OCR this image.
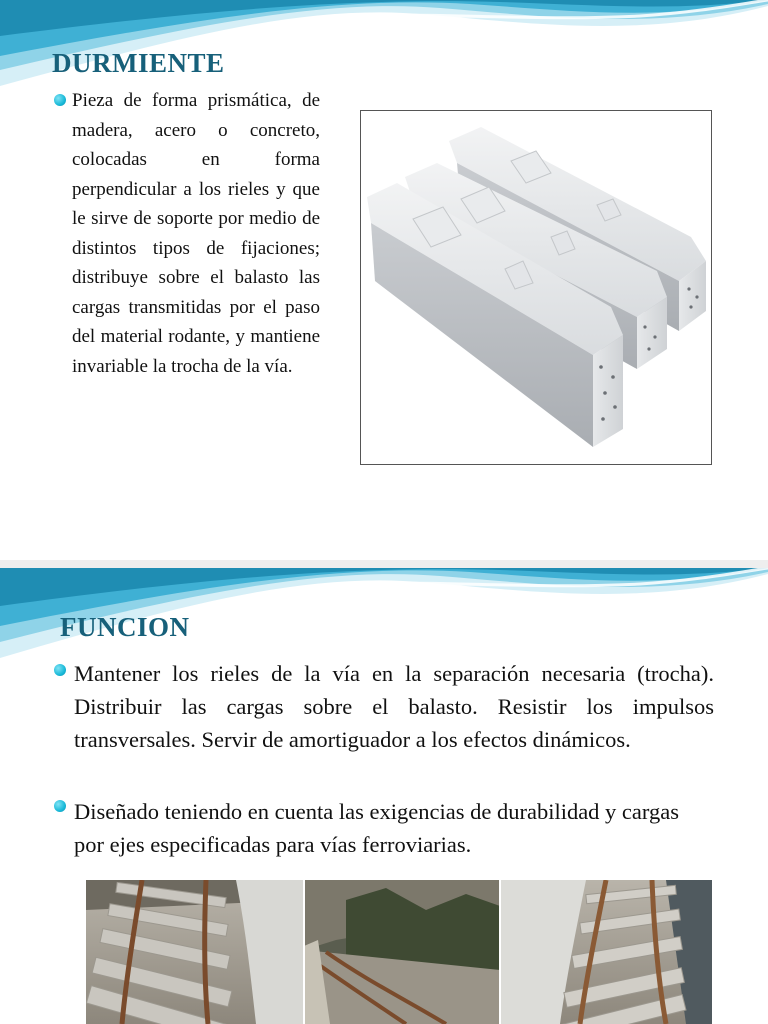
DURMIENTE

Pieza de forma prismática, de madera, acero o concreto, colocadas en forma perpendicular a los rieles y que le sirve de soporte por medio de distintos tipos de fijaciones; distribuye sobre el balasto las cargas transmitidas por el paso del material rodante, y mantiene invariable la trocha de la vía.

FUNCION

Mantener los rieles de la vía en la separación necesaria (trocha). Distribuir las cargas sobre el balasto. Resistir los impulsos transversales. Servir de amortiguador a los efectos dinámicos.

Diseñado teniendo en cuenta las exigencias de durabilidad y cargas por ejes especificadas para vías ferroviarias.
